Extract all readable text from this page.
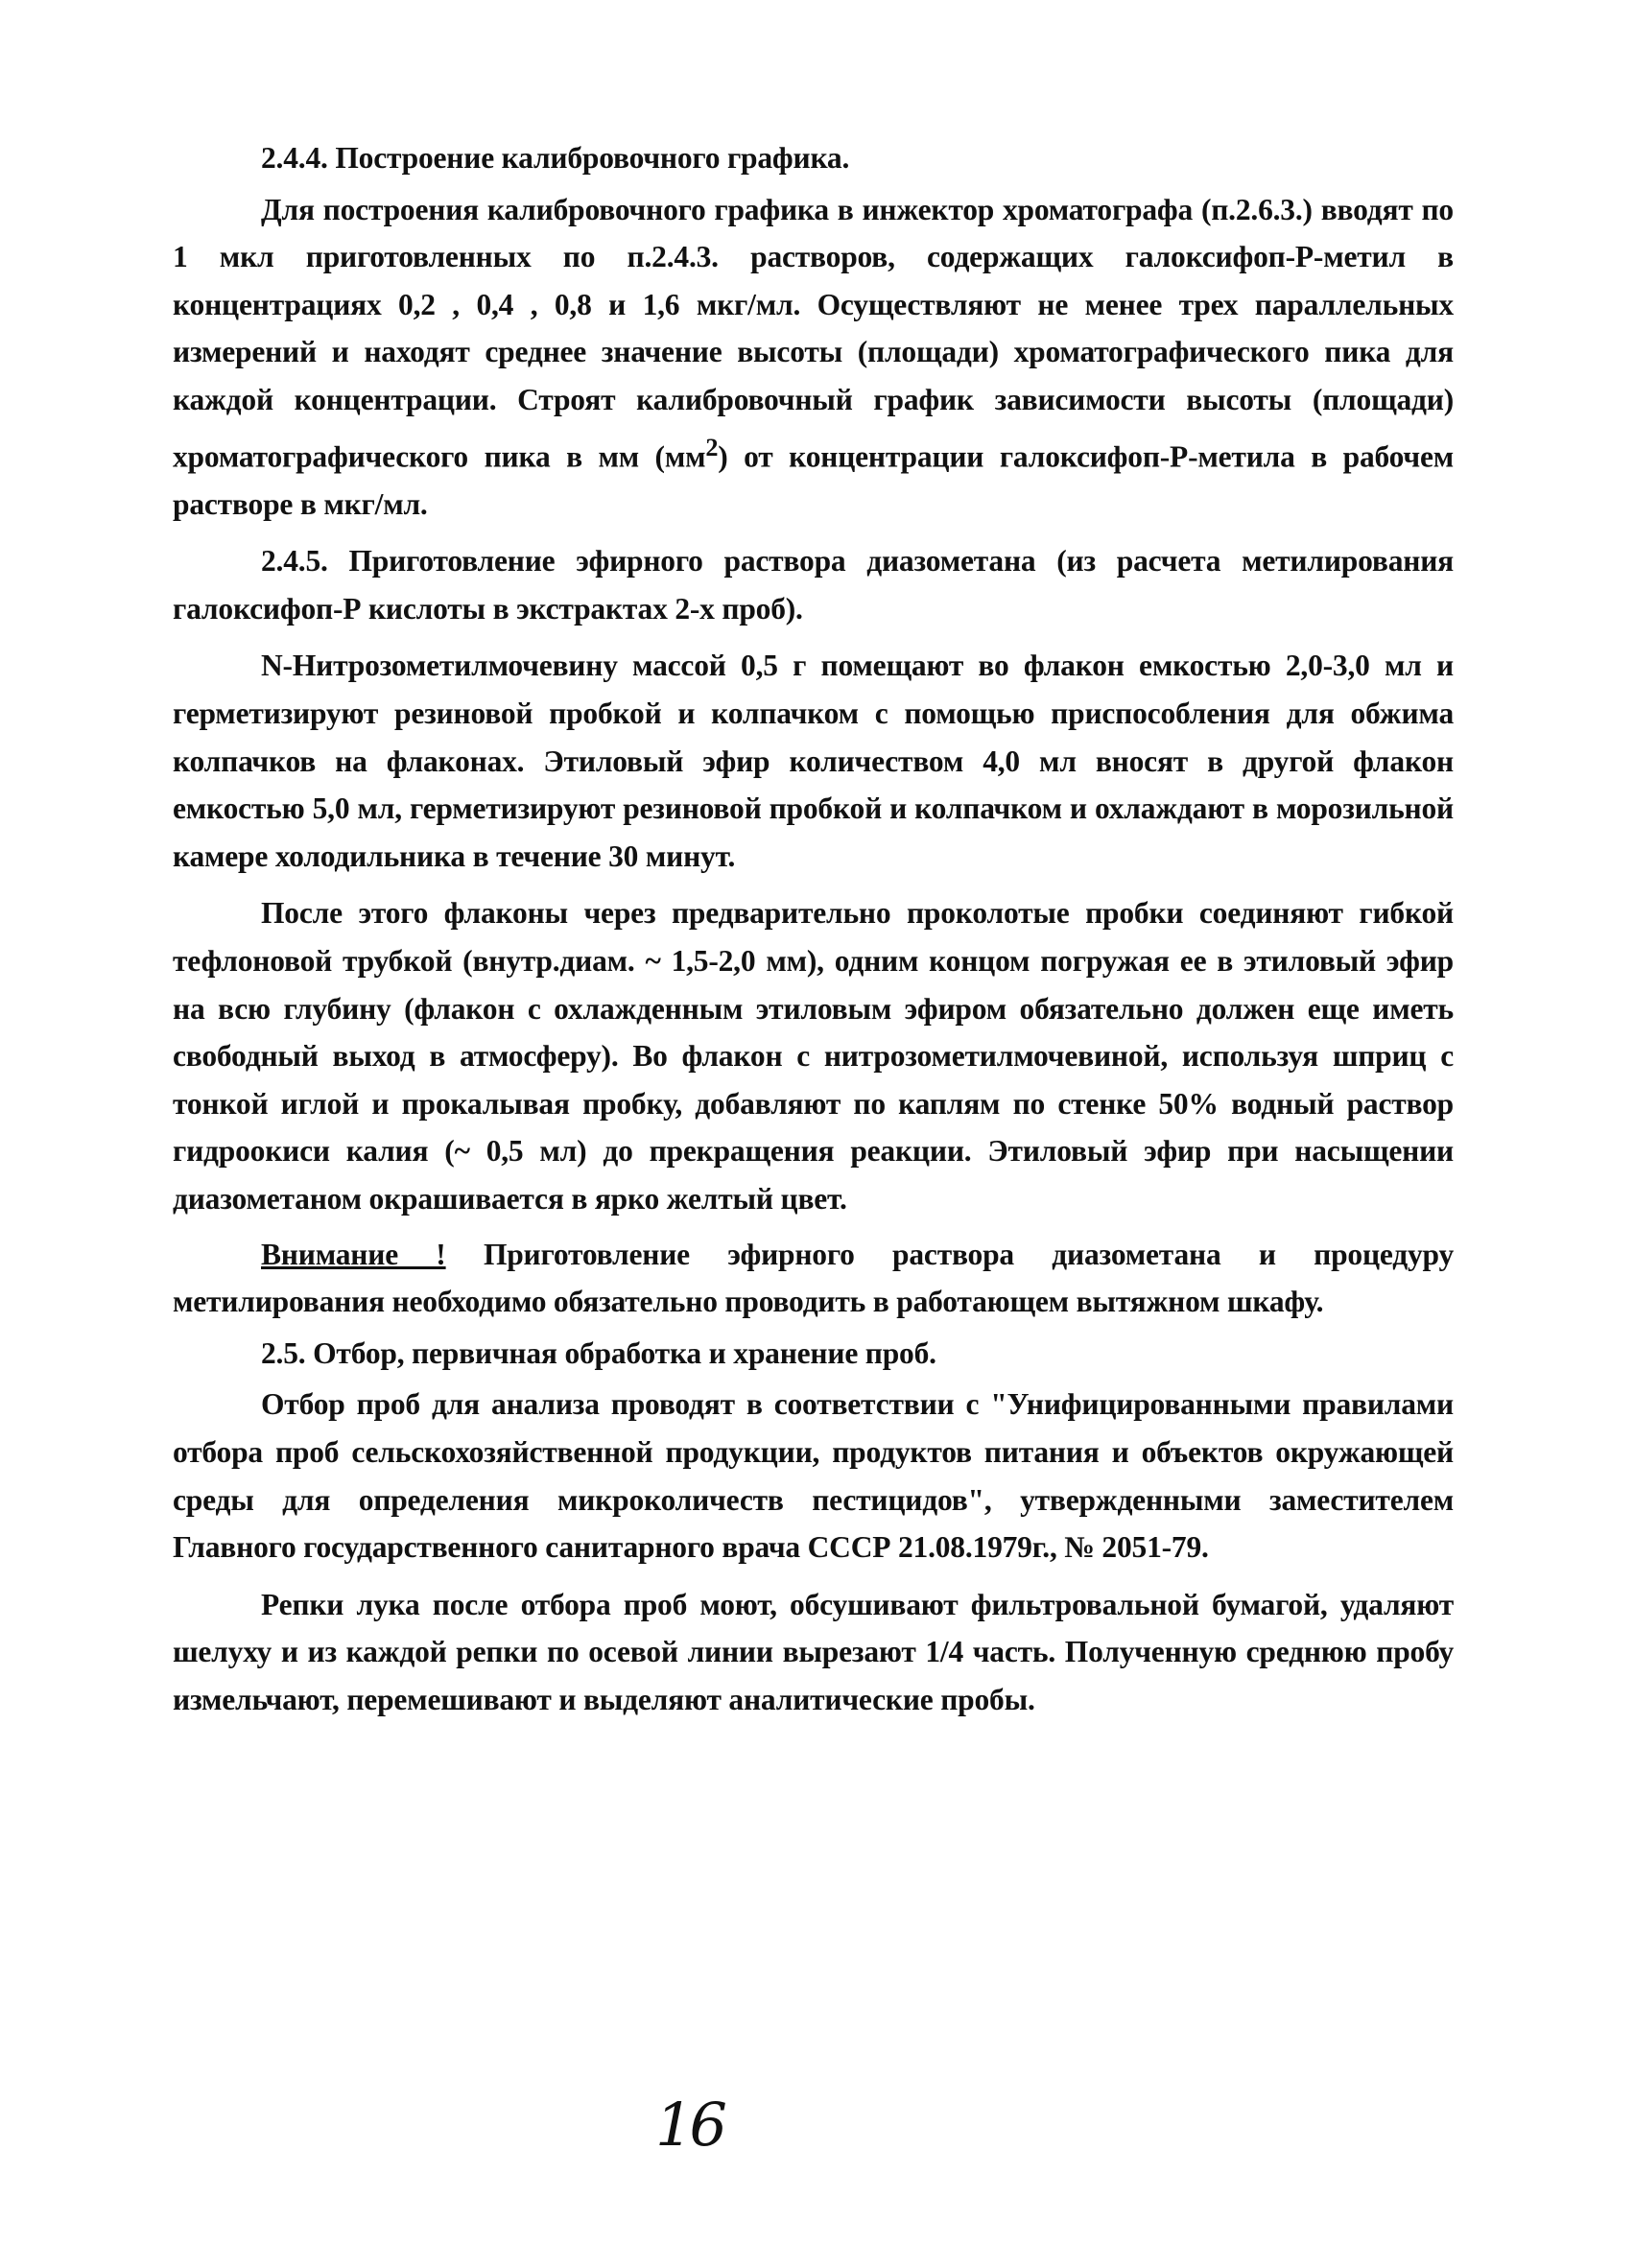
2.4.4. Построение калибровочного графика.

Для построения калибровочного графика в инжектор хроматографа (п.2.6.3.) вводят по 1 мкл приготовленных по п.2.4.3. растворов, содержащих галоксифоп-Р-метил в концентрациях 0,2 , 0,4 , 0,8 и 1,6 мкг/мл. Осуществляют не менее трех параллельных измерений и находят среднее значение высоты (площади) хроматографического пика для каждой концентрации. Строят калибровочный график зависимости высоты (площади) хроматографического пика в мм $(мм^2)$ от концентрации галоксифоп-Р-метила в рабочем растворе в мкг/мл.

2.4.5. Приготовление эфирного раствора диазометана (из расчета метилирования галоксифоп-Р кислоты в экстрактах 2-х проб).

N-Нитрозометилмочевину массой 0,5 г помещают во флакон емкостью 2,0-3,0 мл и герметизируют резиновой пробкой и колпачком с помощью приспособления для обжима колпачков на флаконах. Этиловый эфир количеством 4,0 мл вносят в другой флакон емкостью 5,0 мл, герметизируют резиновой пробкой и колпачком и охлаждают в морозильной камере холодильника в течение 30 минут.

После этого флаконы через предварительно проколотые пробки соединяют гибкой тефлоновой трубкой (внутр.диам. ~ 1,5-2,0 мм), одним концом погружая ее в этиловый эфир на всю глубину (флакон с охлажденным этиловым эфиром обязательно должен еще иметь свободный выход в атмосферу). Во флакон с нитрозометилмочевиной, используя шприц с тонкой иглой и прокалывая пробку, добавляют по каплям по стенке 50% водный раствор гидроокиси калия (~ 0,5 мл) до прекращения реакции. Этиловый эфир при насыщении диазометаном окрашивается в ярко желтый цвет.

Внимание ! Приготовление эфирного раствора диазометана и процедуру метилирования необходимо обязательно проводить в работающем вытяжном шкафу.

2.5. Отбор, первичная обработка и хранение проб.

Отбор проб для анализа проводят в соответствии с "Унифицированными правилами отбора проб сельскохозяйственной продукции, продуктов питания и объектов окружающей среды для определения микроколичеств пестицидов", утвержденными заместителем Главного государственного санитарного врача СССР 21.08.1979г., № 2051-79.

Репки лука после отбора проб моют, обсушивают фильтровальной бумагой, удаляют шелуху и из каждой репки по осевой линии вырезают 1/4 часть. Полученную среднюю пробу измельчают, перемешивают и выделяют аналитические пробы.

16
